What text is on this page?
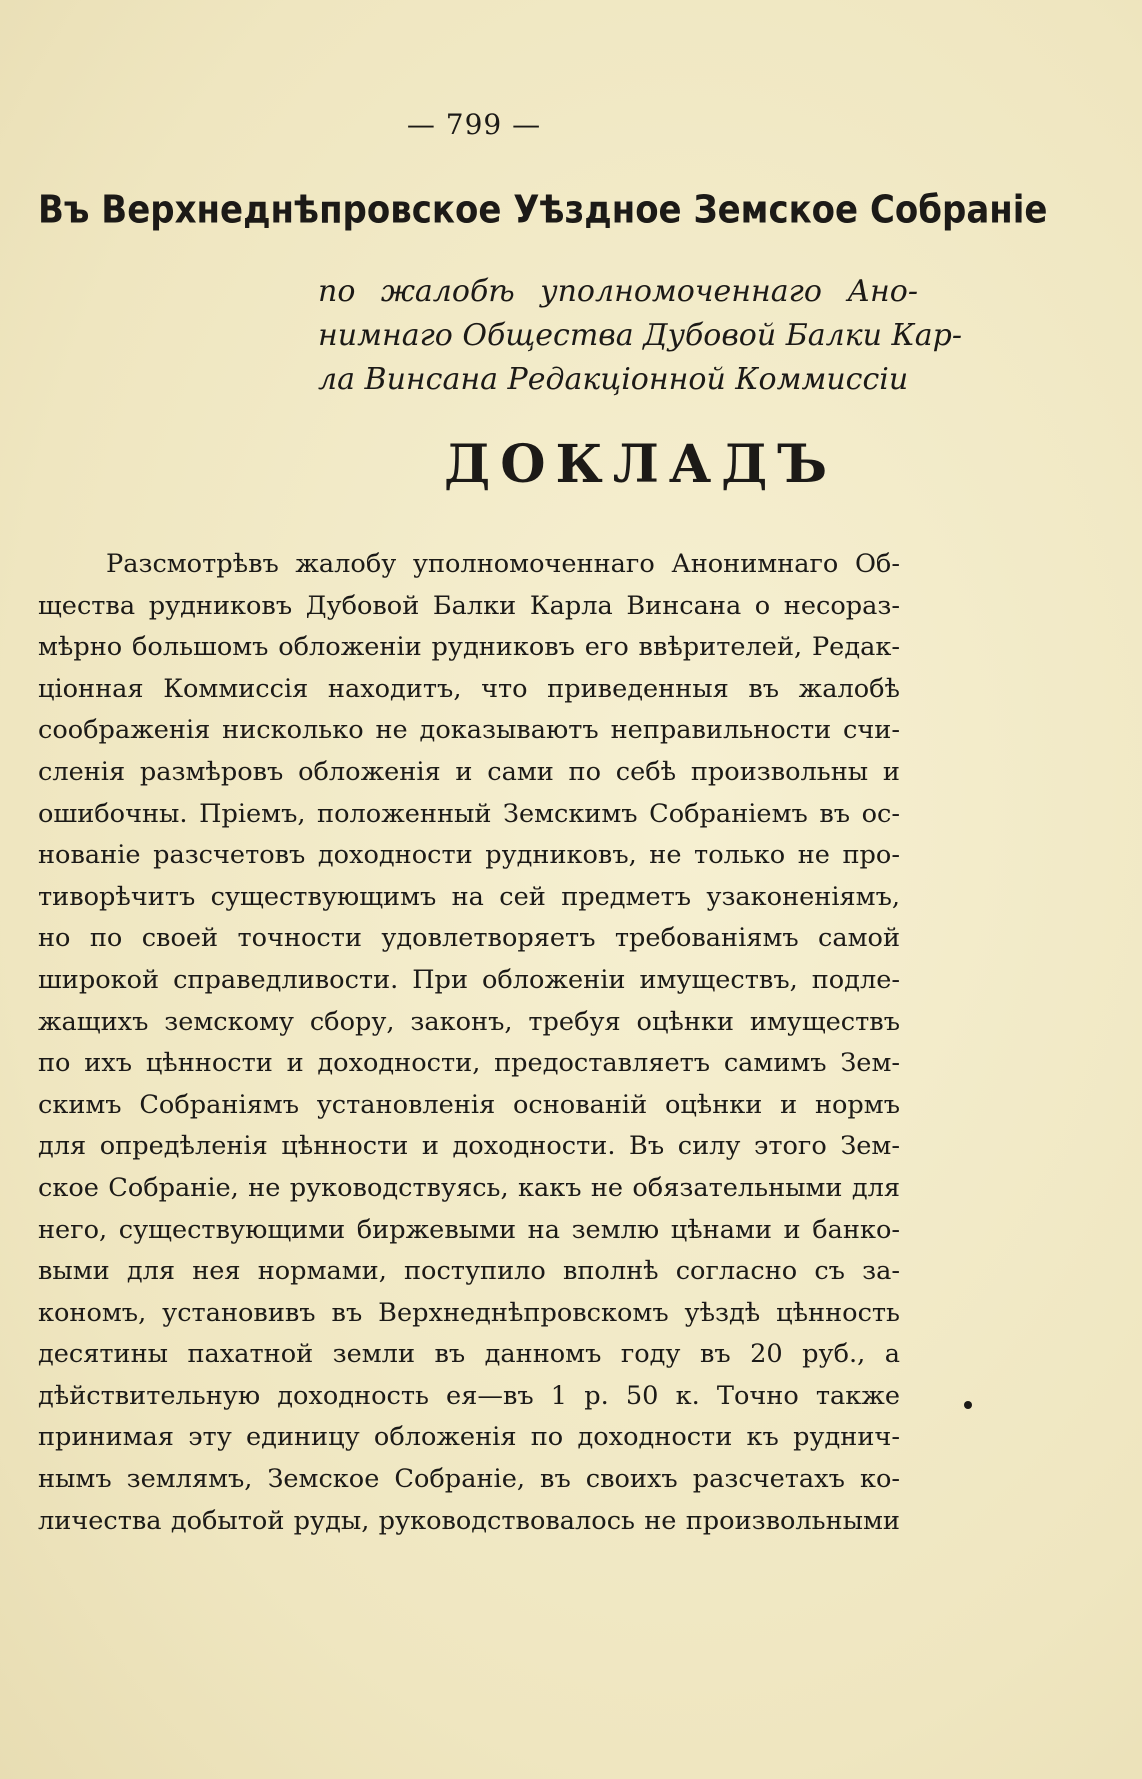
— 799 —
Въ Верхнеднѣпровское Уѣздное Земское Собраніе
по жалобѣ уполномоченнаго Ано-
нимнаго Общества Дубовой Балки Кар-
ла Винсана Редакціонной Коммиссіи
ДОКЛАДЪ
Разсмотрѣвъ жалобу уполномоченнаго Анонимнаго Об-
щества рудниковъ Дубовой Балки Карла Винсана о несораз-
мѣрно большомъ обложеніи рудниковъ его ввѣрителей, Редак-
ціонная Коммиссія находитъ, что приведенныя въ жалобѣ
соображенія нисколько не доказываютъ неправильности счи-
сленія размѣровъ обложенія и сами по себѣ произвольны и
ошибочны. Пріемъ, положенный Земскимъ Собраніемъ въ ос-
нованіе разсчетовъ доходности рудниковъ, не только не про-
тиворѣчитъ существующимъ на сей предметъ узаконеніямъ,
но по своей точности удовлетворяетъ требованіямъ самой
широкой справедливости. При обложеніи имуществъ, подле-
жащихъ земскому сбору, законъ, требуя оцѣнки имуществъ
по ихъ цѣнности и доходности, предоставляетъ самимъ Зем-
скимъ Собраніямъ установленія основаній оцѣнки и нормъ
для опредѣленія цѣнности и доходности. Въ силу этого Зем-
ское Собраніе, не руководствуясь, какъ не обязательными для
него, существующими биржевыми на землю цѣнами и банко-
выми для нея нормами, поступило вполнѣ согласно съ за-
кономъ, установивъ въ Верхнеднѣпровскомъ уѣздѣ цѣнность
десятины пахатной земли въ данномъ году въ 20 руб., а
дѣйствительную доходность ея—въ 1 р. 50 к. Точно также
принимая эту единицу обложенія по доходности къ руднич-
нымъ землямъ, Земское Собраніе, въ своихъ разсчетахъ ко-
личества добытой руды, руководствовалось не произвольными
